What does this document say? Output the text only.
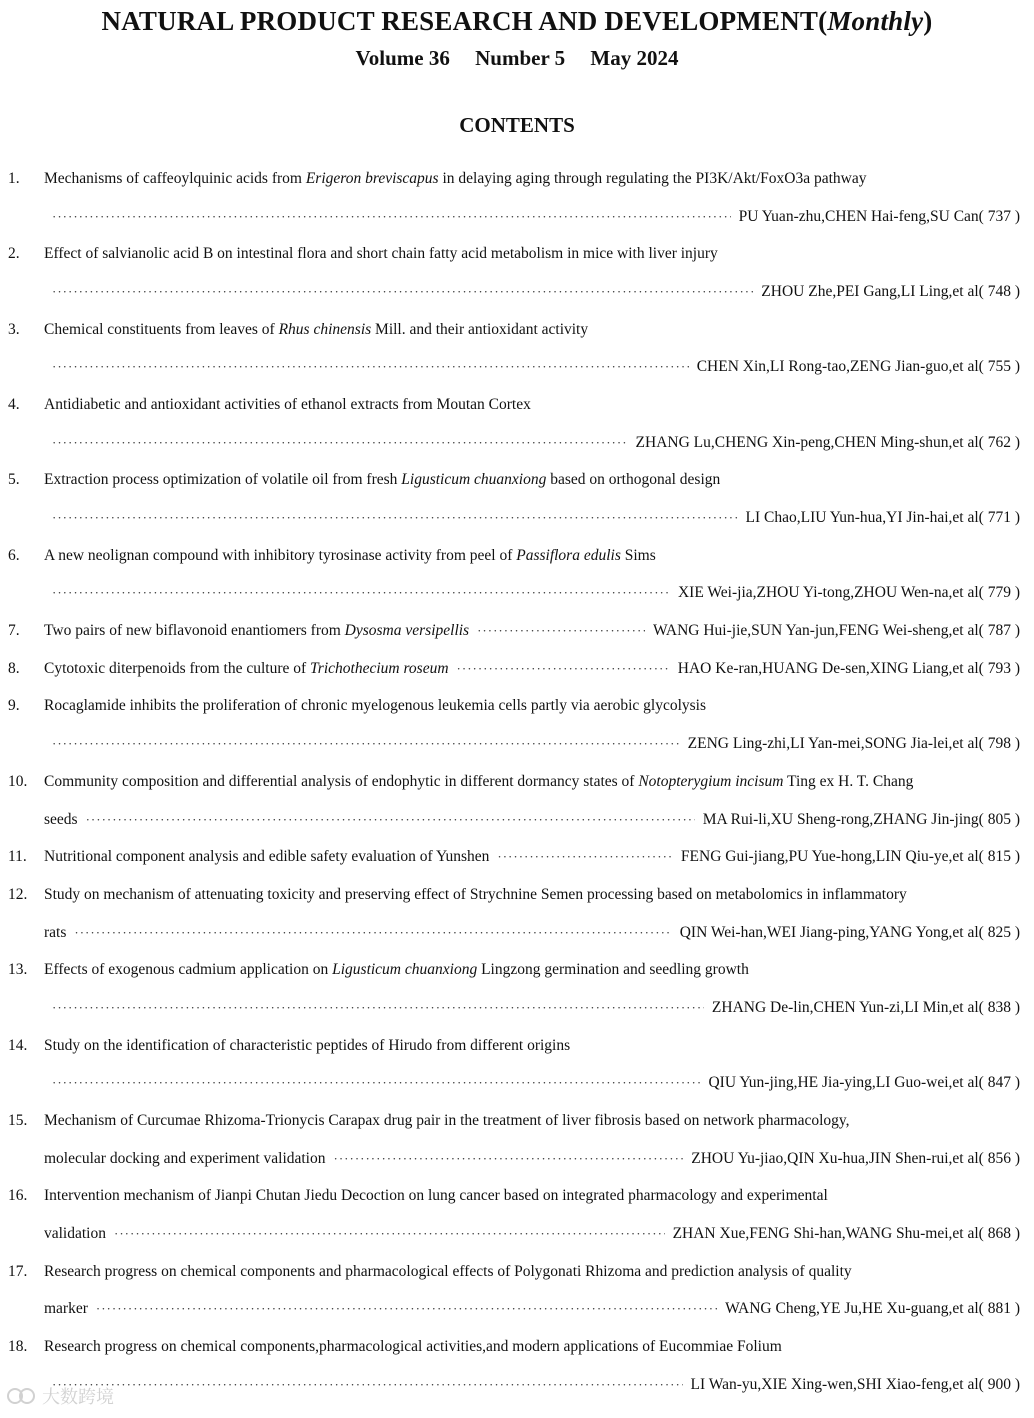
NATURAL PRODUCT RESEARCH AND DEVELOPMENT(Monthly)
Volume 36 Number 5 May 2024
CONTENTS
1.	Mechanisms of caffeoylquinic acids from Erigeron breviscapus in delaying aging through regulating the PI3K/Akt/FoxO3a pathway
·····
PU Yuan-zhu,CHEN Hai-feng,SU Can ( 737 )
2.	Effect of salvianolic acid B on intestinal flora and short chain fatty acid metabolism in mice with liver injury
·····
ZHOU Zhe,PEI Gang,LI Ling,et al ( 748 )
3.	Chemical constituents from leaves of Rhus chinensis Mill. and their antioxidant activity
·····
CHEN Xin,LI Rong-tao,ZENG Jian-guo,et al ( 755 )
4.	Antidiabetic and antioxidant activities of ethanol extracts from Moutan Cortex
·····
ZHANG Lu,CHENG Xin-peng,CHEN Ming-shun,et al ( 762 )
5.	Extraction process optimization of volatile oil from fresh Ligusticum chuanxiong based on orthogonal design
·····
LI Chao,LIU Yun-hua,YI Jin-hai,et al ( 771 )
6.	A new neolignan compound with inhibitory tyrosinase activity from peel of Passiflora edulis Sims
·····
XIE Wei-jia,ZHOU Yi-tong,ZHOU Wen-na,et al ( 779 )
7.	Two pairs of new biflavonoid enantiomers from Dysosma versipellis ·····	WANG Hui-jie,SUN Yan-jun,FENG Wei-sheng,et al ( 787 )
8.	Cytotoxic diterpenoids from the culture of Trichothecium roseum ·····	HAO Ke-ran,HUANG De-sen,XING Liang,et al ( 793 )
9.	Rocaglamide inhibits the proliferation of chronic myelogenous leukemia cells partly via aerobic glycolysis
·····
ZENG Ling-zhi,LI Yan-mei,SONG Jia-lei,et al ( 798 )
10.	Community composition and differential analysis of endophytic in different dormancy states of Notopterygium incisum Ting ex H. T. Chang
seeds ·····	MA Rui-li,XU Sheng-rong,ZHANG Jin-jing ( 805 )
11.	Nutritional component analysis and edible safety evaluation of Yunshen ·····	FENG Gui-jiang,PU Yue-hong,LIN Qiu-ye,et al ( 815 )
12.	Study on mechanism of attenuating toxicity and preserving effect of Strychnine Semen processing based on metabolomics in inflammatory
rats ·····	QIN Wei-han,WEI Jiang-ping,YANG Yong,et al ( 825 )
13.	Effects of exogenous cadmium application on Ligusticum chuanxiong Lingzong germination and seedling growth
·····
ZHANG De-lin,CHEN Yun-zi,LI Min,et al ( 838 )
14.	Study on the identification of characteristic peptides of Hirudo from different origins
·····
QIU Yun-jing,HE Jia-ying,LI Guo-wei,et al ( 847 )
15.	Mechanism of Curcumae Rhizoma-Trionycis Carapax drug pair in the treatment of liver fibrosis based on network pharmacology,
molecular docking and experiment validation ·····	ZHOU Yu-jiao,QIN Xu-hua,JIN Shen-rui,et al ( 856 )
16.	Intervention mechanism of Jianpi Chutan Jiedu Decoction on lung cancer based on integrated pharmacology and experimental
validation ·····	ZHAN Xue,FENG Shi-han,WANG Shu-mei,et al ( 868 )
17.	Research progress on chemical components and pharmacological effects of Polygonati Rhizoma and prediction analysis of quality
marker ·····	WANG Cheng,YE Ju,HE Xu-guang,et al ( 881 )
18.	Research progress on chemical components,pharmacological activities,and modern applications of Eucommiae Folium
·····
LI Wan-yu,XIE Xing-wen,SHI Xiao-feng,et al ( 900 )
大数跨境
